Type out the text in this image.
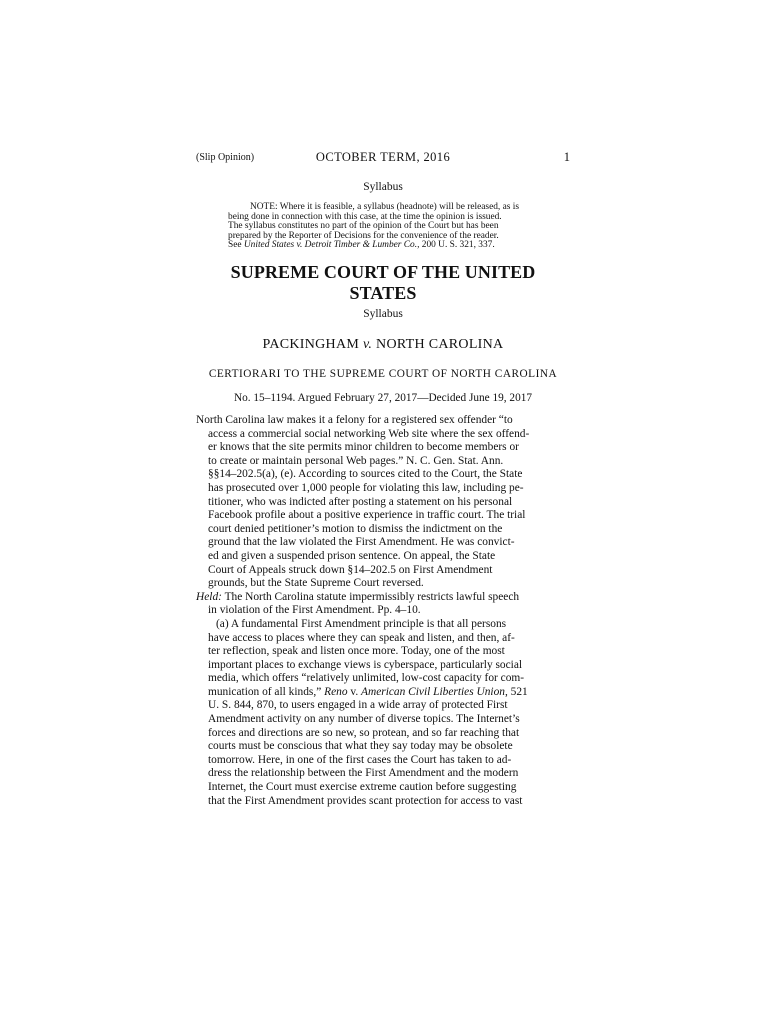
(Slip Opinion)	OCTOBER TERM, 2016	1
Syllabus
NOTE: Where it is feasible, a syllabus (headnote) will be released, as is
being done in connection with this case, at the time the opinion is issued.
The syllabus constitutes no part of the opinion of the Court but has been
prepared by the Reporter of Decisions for the convenience of the reader.
See United States v. Detroit Timber & Lumber Co., 200 U. S. 321, 337.
SUPREME COURT OF THE UNITED STATES
Syllabus
PACKINGHAM v. NORTH CAROLINA
CERTIORARI TO THE SUPREME COURT OF NORTH CAROLINA
No. 15–1194. Argued February 27, 2017—Decided June 19, 2017
North Carolina law makes it a felony for a registered sex offender “to
access a commercial social networking Web site where the sex offend-
er knows that the site permits minor children to become members or
to create or maintain personal Web pages.” N. C. Gen. Stat. Ann.
§§14–202.5(a), (e). According to sources cited to the Court, the State
has prosecuted over 1,000 people for violating this law, including pe-
titioner, who was indicted after posting a statement on his personal
Facebook profile about a positive experience in traffic court. The trial
court denied petitioner’s motion to dismiss the indictment on the
ground that the law violated the First Amendment. He was convict-
ed and given a suspended prison sentence. On appeal, the State
Court of Appeals struck down §14–202.5 on First Amendment
grounds, but the State Supreme Court reversed.
Held: The North Carolina statute impermissibly restricts lawful speech
in violation of the First Amendment. Pp. 4–10.
(a) A fundamental First Amendment principle is that all persons
have access to places where they can speak and listen, and then, af-
ter reflection, speak and listen once more. Today, one of the most
important places to exchange views is cyberspace, particularly social
media, which offers “relatively unlimited, low-cost capacity for com-
munication of all kinds,” Reno v. American Civil Liberties Union, 521
U. S. 844, 870, to users engaged in a wide array of protected First
Amendment activity on any number of diverse topics. The Internet’s
forces and directions are so new, so protean, and so far reaching that
courts must be conscious that what they say today may be obsolete
tomorrow. Here, in one of the first cases the Court has taken to ad-
dress the relationship between the First Amendment and the modern
Internet, the Court must exercise extreme caution before suggesting
that the First Amendment provides scant protection for access to vast
